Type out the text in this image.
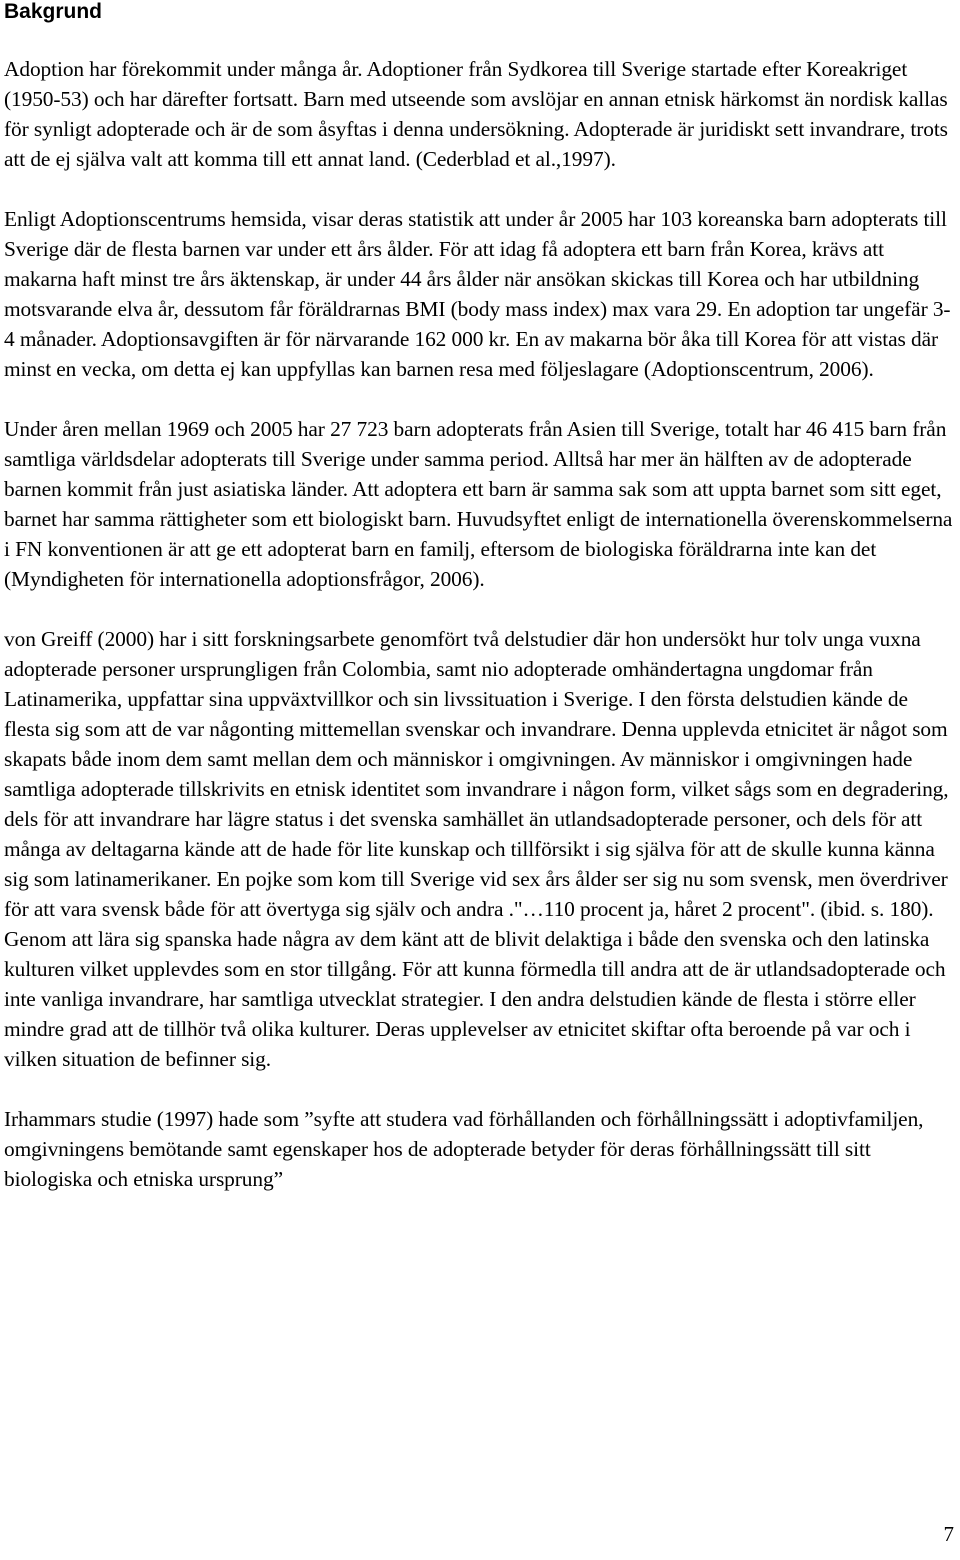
Bakgrund

Adoption har förekommit under många år. Adoptioner från Sydkorea till Sverige startade efter Koreakriget (1950-53) och har därefter fortsatt. Barn med utseende som avslöjar en annan etnisk härkomst än nordisk kallas för synligt adopterade och är de som åsyftas i denna undersökning. Adopterade är juridiskt sett invandrare, trots att de ej själva valt att komma till ett annat land. (Cederblad et al.,1997).

Enligt Adoptionscentrums hemsida, visar deras statistik att under år 2005 har 103 koreanska barn adopterats till Sverige där de flesta barnen var under ett års ålder. För att idag få adoptera ett barn från Korea, krävs att makarna haft minst tre års äktenskap, är under 44 års ålder när ansökan skickas till Korea och har utbildning motsvarande elva år, dessutom får föräldrarnas BMI (body mass index) max vara 29. En adoption tar ungefär 3-4 månader. Adoptionsavgiften är för närvarande 162 000 kr. En av makarna bör åka till Korea för att vistas där minst en vecka, om detta ej kan uppfyllas kan barnen resa med följeslagare (Adoptionscentrum, 2006).

Under åren mellan 1969 och 2005 har 27 723 barn adopterats från Asien till Sverige, totalt har 46 415 barn från samtliga världsdelar adopterats till Sverige under samma period. Alltså har mer än hälften av de adopterade barnen kommit från just asiatiska länder. Att adoptera ett barn är samma sak som att uppta barnet som sitt eget, barnet har samma rättigheter som ett biologiskt barn. Huvudsyftet enligt de internationella överenskommelserna i FN konventionen är att ge ett adopterat barn en familj, eftersom de biologiska föräldrarna inte kan det (Myndigheten för internationella adoptionsfrågor, 2006).

von Greiff (2000) har i sitt forskningsarbete genomfört två delstudier där hon undersökt hur tolv unga vuxna adopterade personer ursprungligen från Colombia, samt nio adopterade omhändertagna ungdomar från Latinamerika, uppfattar sina uppväxtvillkor och sin livssituation i Sverige. I den första delstudien kände de flesta sig som att de var någonting mittemellan svenskar och invandrare. Denna upplevda etnicitet är något som skapats både inom dem samt mellan dem och människor i omgivningen. Av människor i omgivningen hade samtliga adopterade tillskrivits en etnisk identitet som invandrare i någon form, vilket sågs som en degradering, dels för att invandrare har lägre status i det svenska samhället än utlandsadopterade personer, och dels för att många av deltagarna kände att de hade för lite kunskap och tillförsikt i sig själva för att de skulle kunna känna sig som latinamerikaner. En pojke som kom till Sverige vid sex års ålder ser sig nu som svensk, men överdriver för att vara svensk både för att övertyga sig själv och andra ."…110 procent ja, håret 2 procent". (ibid. s. 180). Genom att lära sig spanska hade några av dem känt att de blivit delaktiga i både den svenska och den latinska kulturen vilket upplevdes som en stor tillgång. För att kunna förmedla till andra att de är utlandsadopterade och inte vanliga invandrare, har samtliga utvecklat strategier. I den andra delstudien kände de flesta i större eller mindre grad att de tillhör två olika kulturer. Deras upplevelser av etnicitet skiftar ofta beroende på var och i vilken situation de befinner sig.

Irhammars studie (1997) hade som ”syfte att studera vad förhållanden och förhållningssätt i adoptivfamiljen, omgivningens bemötande samt egenskaper hos de adopterade betyder för deras förhållningssätt till sitt biologiska och etniska ursprung”

7
